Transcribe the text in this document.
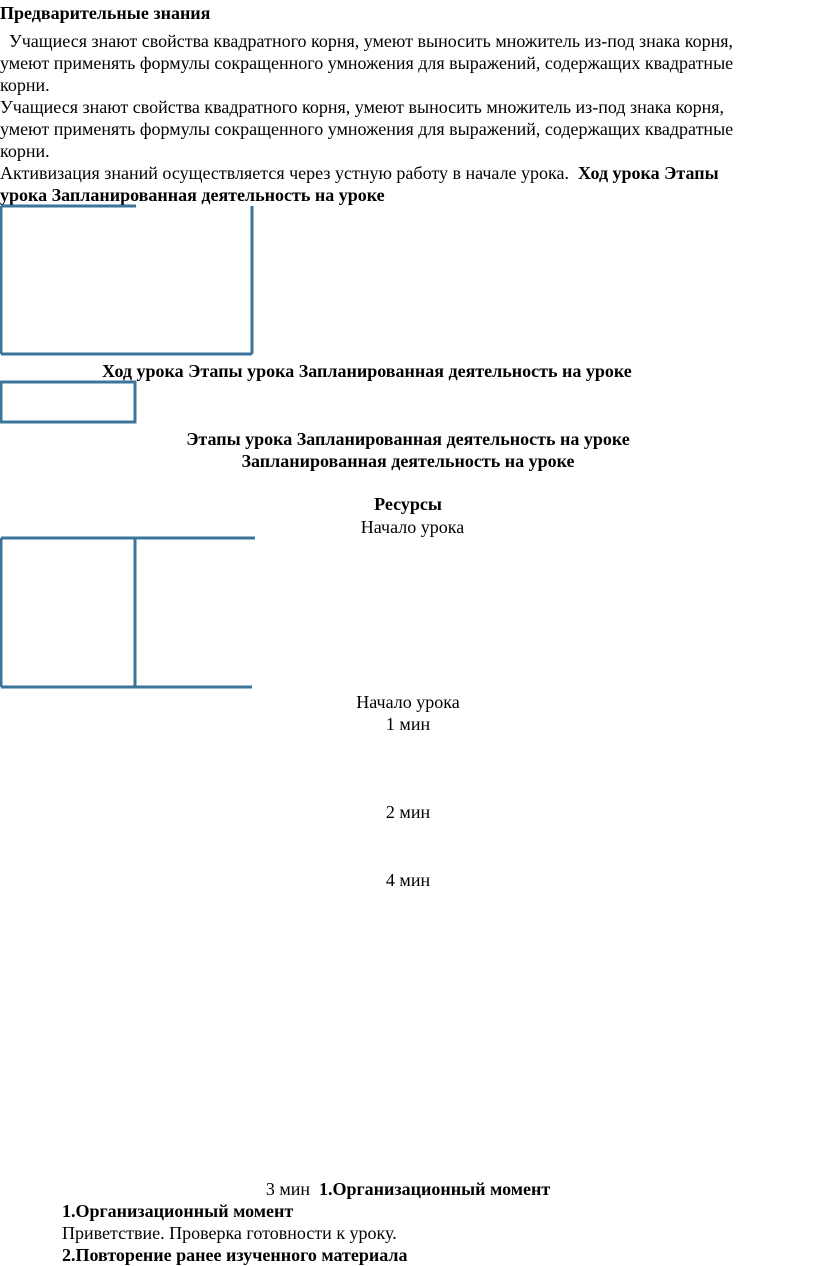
Предварительные знания
Учащиеся знают свойства квадратного корня, умеют выносить множитель из-под знака корня,
умеют применять формулы сокращенного умножения для выражений, содержащих квадратные
корни.
Учащиеся знают свойства квадратного корня, умеют выносить множитель из-под знака корня,
умеют применять формулы сокращенного умножения для выражений, содержащих квадратные
корни.
Активизация знаний осуществляется через устную работу в начале урока. Ход урока Этапы
урока Запланированная деятельность на уроке
Ход урока Этапы урока Запланированная деятельность на уроке
Этапы урока Запланированная деятельность на уроке
Запланированная деятельность на уроке
Ресурсы
Начало урока
Начало урока
1 мин
2 мин
4 мин
3 мин 1.Организационный момент
1.Организационный момент
Приветствие. Проверка готовности к уроку.
2.Повторение ранее изученного материала
